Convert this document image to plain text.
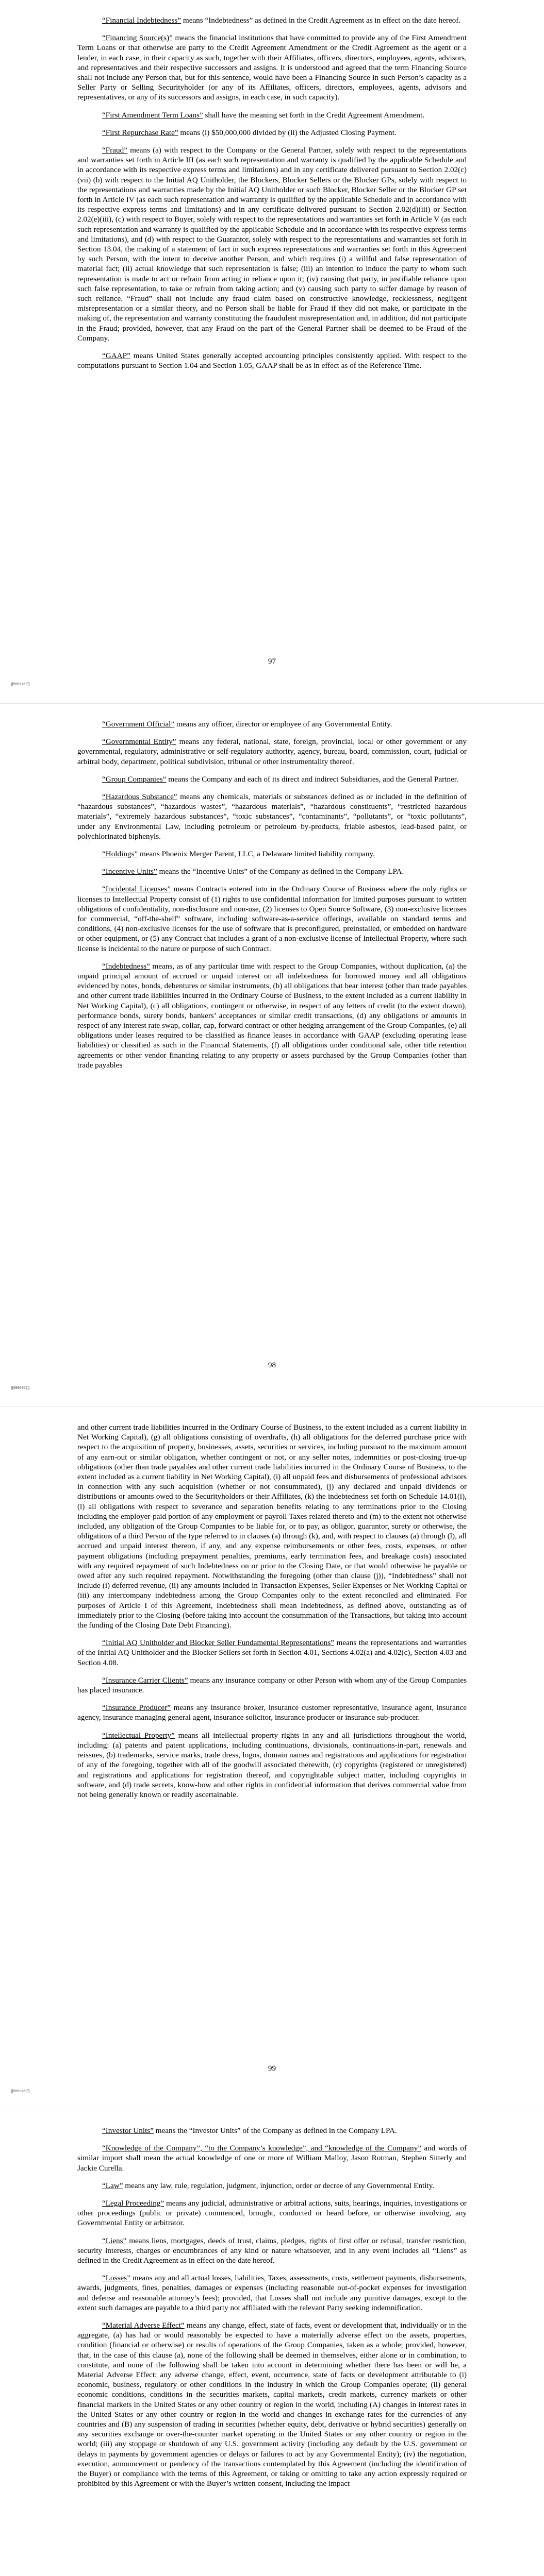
“Financial Indebtedness” means “Indebtedness” as defined in the Credit Agreement as in effect on the date hereof.

“Financing Source(s)” means the financial institutions that have committed to provide any of the First Amendment Term Loans or that otherwise are party to the Credit Agreement Amendment or the Credit Agreement as the agent or a lender, in each case, in their capacity as such, together with their Affiliates, officers, directors, employees, agents, advisors, and representatives and their respective successors and assigns. It is understood and agreed that the term Financing Source shall not include any Person that, but for this sentence, would have been a Financing Source in such Person’s capacity as a Seller Party or Selling Securityholder (or any of its Affiliates, officers, directors, employees, agents, advisors and representatives, or any of its successors and assigns, in each case, in such capacity).

“First Amendment Term Loans” shall have the meaning set forth in the Credit Agreement Amendment.

“First Repurchase Rate” means (i) $50,000,000 divided by (ii) the Adjusted Closing Payment.

“Fraud” means (a) with respect to the Company or the General Partner, solely with respect to the representations and warranties set forth in Article III (as each such representation and warranty is qualified by the applicable Schedule and in accordance with its respective express terms and limitations) and in any certificate delivered pursuant to Section 2.02(c)(vii) (b) with respect to the Initial AQ Unitholder, the Blockers, Blocker Sellers or the Blocker GPs, solely with respect to the representations and warranties made by the Initial AQ Unitholder or such Blocker, Blocker Seller or the Blocker GP set forth in Article IV (as each such representation and warranty is qualified by the applicable Schedule and in accordance with its respective express terms and limitations) and in any certificate delivered pursuant to Section 2.02(d)(iii) or Section 2.02(e)(iii), (c) with respect to Buyer, solely with respect to the representations and warranties set forth in Article V (as each such representation and warranty is qualified by the applicable Schedule and in accordance with its respective express terms and limitations), and (d) with respect to the Guarantor, solely with respect to the representations and warranties set forth in Section 13.04, the making of a statement of fact in such express representations and warranties set forth in this Agreement by such Person, with the intent to deceive another Person, and which requires (i) a willful and false representation of material fact; (ii) actual knowledge that such representation is false; (iii) an intention to induce the party to whom such representation is made to act or refrain from acting in reliance upon it; (iv) causing that party, in justifiable reliance upon such false representation, to take or refrain from taking action; and (v) causing such party to suffer damage by reason of such reliance. “Fraud” shall not include any fraud claim based on constructive knowledge, recklessness, negligent misrepresentation or a similar theory, and no Person shall be liable for Fraud if they did not make, or participate in the making of, the representation and warranty constituting the fraudulent misrepresentation and, in addition, did not participate in the Fraud; provided, however, that any Fraud on the part of the General Partner shall be deemed to be Fraud of the Company.

“GAAP” means United States generally accepted accounting principles consistently applied. With respect to the computations pursuant to Section 1.04 and Section 1.05, GAAP shall be as in effect as of the Reference Time.

97
[[5999762]]

“Government Official” means any officer, director or employee of any Governmental Entity.

“Governmental Entity” means any federal, national, state, foreign, provincial, local or other government or any governmental, regulatory, administrative or self-regulatory authority, agency, bureau, board, commission, court, judicial or arbitral body, department, political subdivision, tribunal or other instrumentality thereof.

“Group Companies” means the Company and each of its direct and indirect Subsidiaries, and the General Partner.

“Hazardous Substance” means any chemicals, materials or substances defined as or included in the definition of “hazardous substances”, “hazardous wastes”, “hazardous materials”, “hazardous constituents”, “restricted hazardous materials”, “extremely hazardous substances”, “toxic substances”, “contaminants”, “pollutants”, or “toxic pollutants”, under any Environmental Law, including petroleum or petroleum by-products, friable asbestos, lead-based paint, or polychlorinated biphenyls.

“Holdings” means Phoenix Merger Parent, LLC, a Delaware limited liability company.

“Incentive Units” means the “Incentive Units” of the Company as defined in the Company LPA.

“Incidental Licenses” means Contracts entered into in the Ordinary Course of Business where the only rights or licenses to Intellectual Property consist of (1) rights to use confidential information for limited purposes pursuant to written obligations of confidentiality, non-disclosure and non-use, (2) licenses to Open Source Software, (3) non-exclusive licenses for commercial, “off-the-shelf” software, including software-as-a-service offerings, available on standard terms and conditions, (4) non-exclusive licenses for the use of software that is preconfigured, preinstalled, or embedded on hardware or other equipment, or (5) any Contract that includes a grant of a non-exclusive license of Intellectual Property, where such license is incidental to the nature or purpose of such Contract.

“Indebtedness” means, as of any particular time with respect to the Group Companies, without duplication, (a) the unpaid principal amount of accrued or unpaid interest on all indebtedness for borrowed money and all obligations evidenced by notes, bonds, debentures or similar instruments, (b) all obligations that bear interest (other than trade payables and other current trade liabilities incurred in the Ordinary Course of Business, to the extent included as a current liability in Net Working Capital), (c) all obligations, contingent or otherwise, in respect of any letters of credit (to the extent drawn), performance bonds, surety bonds, bankers’ acceptances or similar credit transactions, (d) any obligations or amounts in respect of any interest rate swap, collar, cap, forward contract or other hedging arrangement of the Group Companies, (e) all obligations under leases required to be classified as finance leases in accordance with GAAP (excluding operating lease liabilities) or classified as such in the Financial Statements, (f) all obligations under conditional sale, other title retention agreements or other vendor financing relating to any property or assets purchased by the Group Companies (other than trade payables

98
[[5999762]]

and other current trade liabilities incurred in the Ordinary Course of Business, to the extent included as a current liability in Net Working Capital), (g) all obligations consisting of overdrafts, (h) all obligations for the deferred purchase price with respect to the acquisition of property, businesses, assets, securities or services, including pursuant to the maximum amount of any earn-out or similar obligation, whether contingent or not, or any seller notes, indemnities or post-closing true-up obligations (other than trade payables and other current trade liabilities incurred in the Ordinary Course of Business, to the extent included as a current liability in Net Working Capital), (i) all unpaid fees and disbursements of professional advisors in connection with any such acquisition (whether or not consummated), (j) any declared and unpaid dividends or distributions or amounts owed to the Securityholders or their Affiliates, (k) the indebtedness set forth on Schedule 14.01(i), (l) all obligations with respect to severance and separation benefits relating to any terminations prior to the Closing including the employer-paid portion of any employment or payroll Taxes related thereto and (m) to the extent not otherwise included, any obligation of the Group Companies to be liable for, or to pay, as obligor, guarantor, surety or otherwise, the obligations of a third Person of the type referred to in clauses (a) through (k), and, with respect to clauses (a) through (l), all accrued and unpaid interest thereon, if any, and any expense reimbursements or other fees, costs, expenses, or other payment obligations (including prepayment penalties, premiums, early termination fees, and breakage costs) associated with any required repayment of such Indebtedness on or prior to the Closing Date, or that would otherwise be payable or owed after any such required repayment. Notwithstanding the foregoing (other than clause (j)), “Indebtedness” shall not include (i) deferred revenue, (ii) any amounts included in Transaction Expenses, Seller Expenses or Net Working Capital or (iii) any intercompany indebtedness among the Group Companies only to the extent reconciled and eliminated. For purposes of Article I of this Agreement, Indebtedness shall mean Indebtedness, as defined above, outstanding as of immediately prior to the Closing (before taking into account the consummation of the Transactions, but taking into account the funding of the Closing Date Debt Financing).

“Initial AQ Unitholder and Blocker Seller Fundamental Representations” means the representations and warranties of the Initial AQ Unitholder and the Blocker Sellers set forth in Section 4.01, Sections 4.02(a) and 4.02(c), Section 4.03 and Section 4.08.

“Insurance Carrier Clients” means any insurance company or other Person with whom any of the Group Companies has placed insurance.

“Insurance Producer” means any insurance broker, insurance customer representative, insurance agent, insurance agency, insurance managing general agent, insurance solicitor, insurance producer or insurance sub-producer.

“Intellectual Property” means all intellectual property rights in any and all jurisdictions throughout the world, including: (a) patents and patent applications, including continuations, divisionals, continuations-in-part, renewals and reissues, (b) trademarks, service marks, trade dress, logos, domain names and registrations and applications for registration of any of the foregoing, together with all of the goodwill associated therewith, (c) copyrights (registered or unregistered) and registrations and applications for registration thereof, and copyrightable subject matter, including copyrights in software, and (d) trade secrets, know-how and other rights in confidential information that derives commercial value from not being generally known or readily ascertainable.

99
[[5999762]]

“Investor Units” means the “Investor Units” of the Company as defined in the Company LPA.

“Knowledge of the Company”, “to the Company’s knowledge”, and “knowledge of the Company” and words of similar import shall mean the actual knowledge of one or more of William Malloy, Jason Rotman, Stephen Sitterly and Jackie Curella.

“Law” means any law, rule, regulation, judgment, injunction, order or decree of any Governmental Entity.

“Legal Proceeding” means any judicial, administrative or arbitral actions, suits, hearings, inquiries, investigations or other proceedings (public or private) commenced, brought, conducted or heard before, or otherwise involving, any Governmental Entity or arbitrator.

“Liens” means liens, mortgages, deeds of trust, claims, pledges, rights of first offer or refusal, transfer restriction, security interests, charges or encumbrances of any kind or nature whatsoever, and in any event includes all “Liens” as defined in the Credit Agreement as in effect on the date hereof.

“Losses” means any and all actual losses, liabilities, Taxes, assessments, costs, settlement payments, disbursements, awards, judgments, fines, penalties, damages or expenses (including reasonable out-of-pocket expenses for investigation and defense and reasonable attorney’s fees); provided, that Losses shall not include any punitive damages, except to the extent such damages are payable to a third party not affiliated with the relevant Party seeking indemnification.

“Material Adverse Effect” means any change, effect, state of facts, event or development that, individually or in the aggregate, (a) has had or would reasonably be expected to have a materially adverse effect on the assets, properties, condition (financial or otherwise) or results of operations of the Group Companies, taken as a whole; provided, however, that, in the case of this clause (a), none of the following shall be deemed in themselves, either alone or in combination, to constitute, and none of the following shall be taken into account in determining whether there has been or will be, a Material Adverse Effect: any adverse change, effect, event, occurrence, state of facts or development attributable to (i) economic, business, regulatory or other conditions in the industry in which the Group Companies operate; (ii) general economic conditions, conditions in the securities markets, capital markets, credit markets, currency markets or other financial markets in the United States or any other country or region in the world, including (A) changes in interest rates in the United States or any other country or region in the world and changes in exchange rates for the currencies of any countries and (B) any suspension of trading in securities (whether equity, debt, derivative or hybrid securities) generally on any securities exchange or over-the-counter market operating in the United States or any other country or region in the world; (iii) any stoppage or shutdown of any U.S. government activity (including any default by the U.S. government or delays in payments by government agencies or delays or failures to act by any Governmental Entity); (iv) the negotiation, execution, announcement or pendency of the transactions contemplated by this Agreement (including the identification of the Buyer) or compliance with the terms of this Agreement, or taking or omitting to take any action expressly required or prohibited by this Agreement or with the Buyer’s written consent, including the impact
